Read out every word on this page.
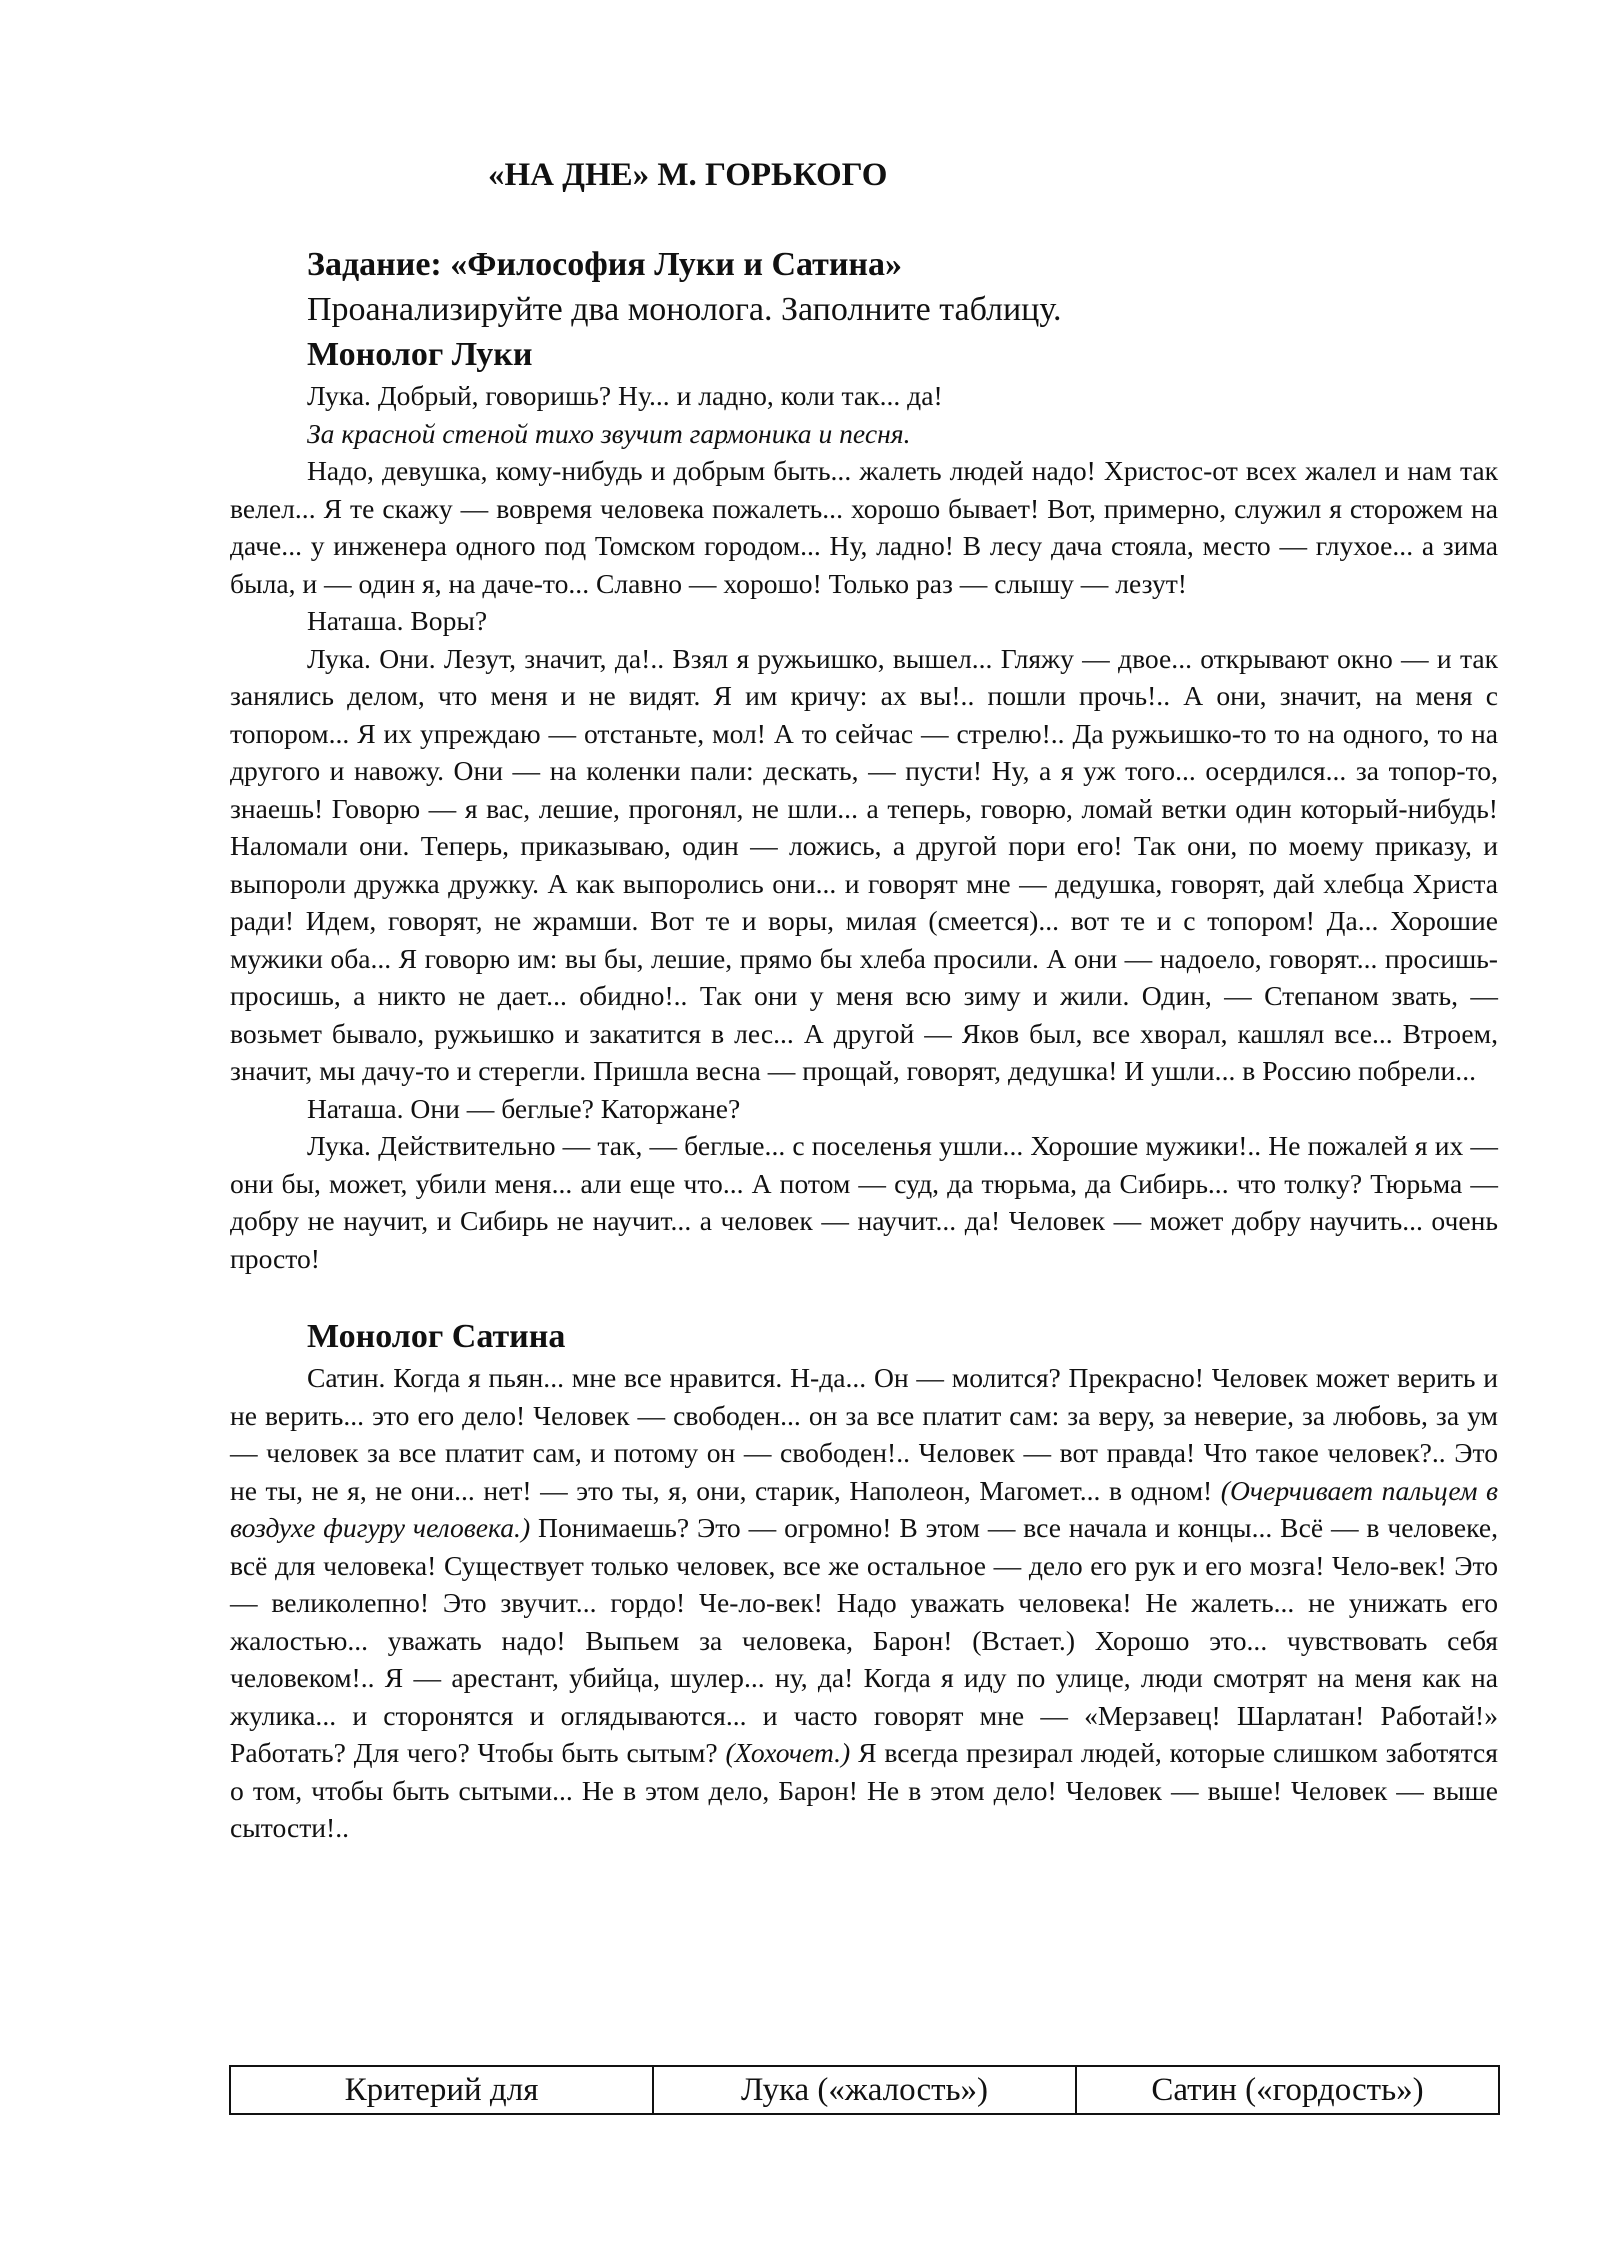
«НА ДНЕ» М. ГОРЬКОГО

Задание: «Философия Луки и Сатина»

Проанализируйте два монолога. Заполните таблицу.

Монолог Луки

Лука. Добрый, говоришь? Ну... и ладно, коли так... да!

За красной стеной тихо звучит гармоника и песня.

Надо, девушка, кому-нибудь и добрым быть... жалеть людей надо! Христос-от всех жалел и нам так велел... Я те скажу — вовремя человека пожалеть... хорошо бывает! Вот, примерно, служил я сторожем на даче... у инженера одного под Томском городом... Ну, ладно! В лесу дача стояла, место — глухое... а зима была, и — один я, на даче-то... Славно — хорошо! Только раз — слышу — лезут!

Наташа. Воры?

Лука. Они. Лезут, значит, да!.. Взял я ружьишко, вышел... Гляжу — двое... открывают окно — и так занялись делом, что меня и не видят. Я им кричу: ах вы!.. пошли прочь!.. А они, значит, на меня с топором... Я их упреждаю — отстаньте, мол! А то сейчас — стрелю!.. Да ружьишко-то то на одного, то на другого и навожу. Они — на коленки пали: дескать, — пусти! Ну, а я уж того... осердился... за топор-то, знаешь! Говорю — я вас, лешие, прогонял, не шли... а теперь, говорю, ломай ветки один который-нибудь! Наломали они. Теперь, приказываю, один — ложись, а другой пори его! Так они, по моему приказу, и выпороли дружка дружку. А как выпоролись они... и говорят мне — дедушка, говорят, дай хлебца Христа ради! Идем, говорят, не жрамши. Вот те и воры, милая (смеется)... вот те и с топором! Да... Хорошие мужики оба... Я говорю им: вы бы, лешие, прямо бы хлеба просили. А они — надоело, говорят... просишь-просишь, а никто не дает... обидно!.. Так они у меня всю зиму и жили. Один, — Степаном звать, — возьмет бывало, ружьишко и закатится в лес... А другой — Яков был, все хворал, кашлял все... Втроем, значит, мы дачу-то и стерегли. Пришла весна — прощай, говорят, дедушка! И ушли... в Россию побрели...

Наташа. Они — беглые? Каторжане?

Лука. Действительно — так, — беглые... с поселенья ушли... Хорошие мужики!.. Не пожалей я их — они бы, может, убили меня... али еще что... А потом — суд, да тюрьма, да Сибирь... что толку? Тюрьма — добру не научит, и Сибирь не научит... а человек — научит... да! Человек — может добру научить... очень просто!

Монолог Сатина

Сатин. Когда я пьян... мне все нравится. Н-да... Он — молится? Прекрасно! Человек может верить и не верить... это его дело! Человек — свободен... он за все платит сам: за веру, за неверие, за любовь, за ум — человек за все платит сам, и потому он — свободен!.. Человек — вот правда! Что такое человек?.. Это не ты, не я, не они... нет! — это ты, я, они, старик, Наполеон, Магомет... в одном! (Очерчивает пальцем в воздухе фигуру человека.) Понимаешь? Это — огромно! В этом — все начала и концы... Всё — в человеке, всё для человека! Существует только человек, все же остальное — дело его рук и его мозга! Чело-век! Это — великолепно! Это звучит... гордо! Че-ло-век! Надо уважать человека! Не жалеть... не унижать его жалостью... уважать надо! Выпьем за человека, Барон! (Встает.) Хорошо это... чувствовать себя человеком!.. Я — арестант, убийца, шулер... ну, да! Когда я иду по улице, люди смотрят на меня как на жулика... и сторонятся и оглядываются... и часто говорят мне — «Мерзавец! Шарлатан! Работай!» Работать? Для чего? Чтобы быть сытым? (Хохочет.) Я всегда презирал людей, которые слишком заботятся о том, чтобы быть сытыми... Не в этом дело, Барон! Не в этом дело! Человек — выше! Человек — выше сытости!..

Критерий для	Лука («жалость»)	Сатин («гордость»)
